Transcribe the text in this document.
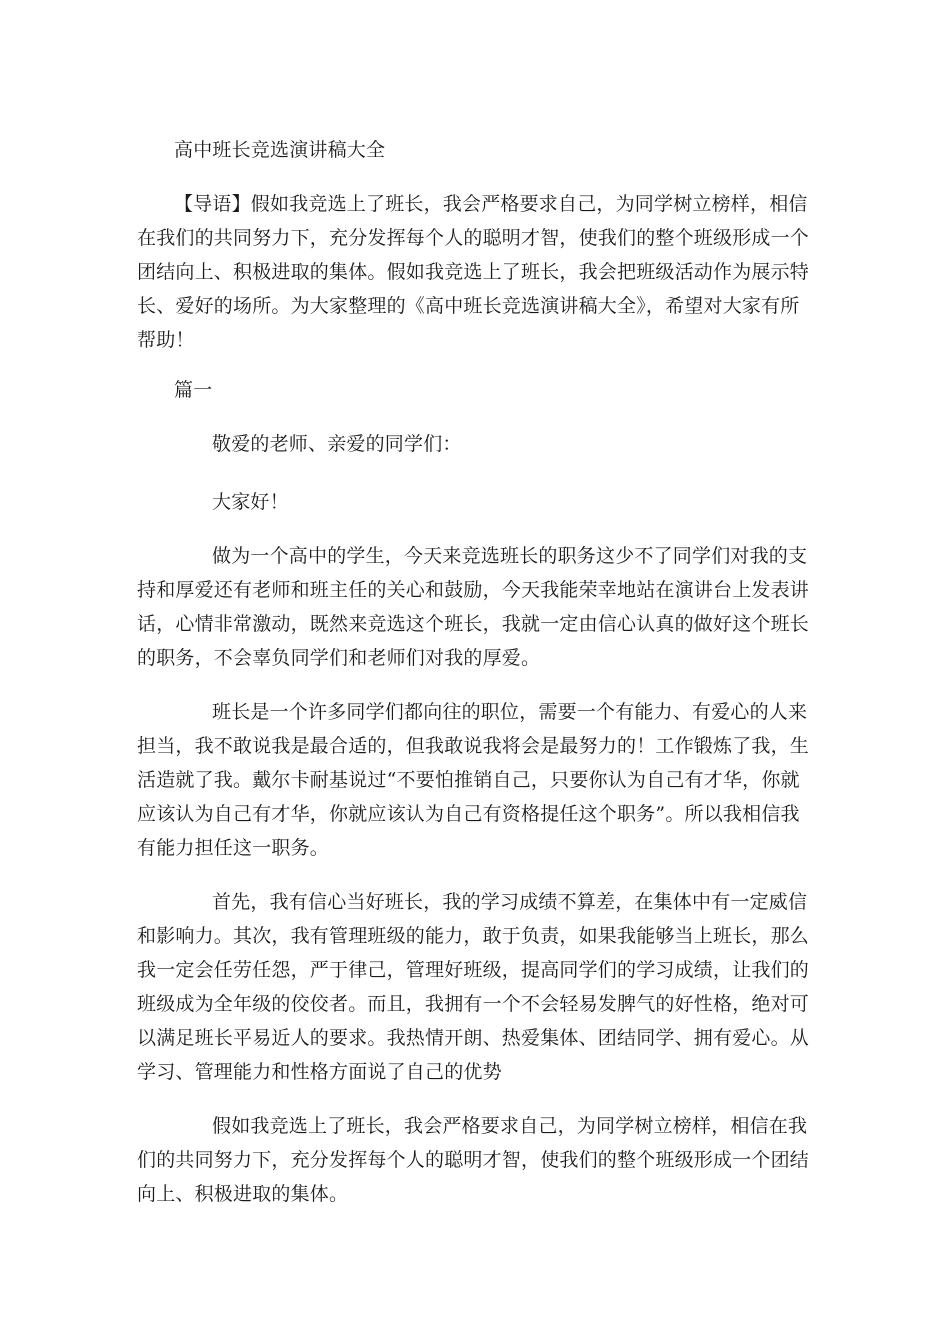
高中班长竞选演讲稿大全

【导语】假如我竞选上了班长，我会严格要求自己，为同学树立榜样，相信

在我们的共同努力下，充分发挥每个人的聪明才智，使我们的整个班级形成一个

团结向上、积极进取的集体。假如我竞选上了班长，我会把班级活动作为展示特

长、爱好的场所。为大家整理的《高中班长竞选演讲稿大全》，希望对大家有所

帮助！

篇一

敬爱的老师、亲爱的同学们：

大家好！

做为一个高中的学生，今天来竞选班长的职务这少不了同学们对我的支

持和厚爱还有老师和班主任的关心和鼓励，今天我能荣幸地站在演讲台上发表讲

话，心情非常激动，既然来竞选这个班长，我就一定由信心认真的做好这个班长

的职务，不会辜负同学们和老师们对我的厚爱。

班长是一个许多同学们都向往的职位，需要一个有能力、有爱心的人来

担当，我不敢说我是最合适的，但我敢说我将会是最努力的！工作锻炼了我，生

活造就了我。戴尔卡耐基说过“不要怕推销自己，只要你认为自己有才华，你就

应该认为自己有才华，你就应该认为自己有资格提任这个职务”。所以我相信我

有能力担任这一职务。

首先，我有信心当好班长，我的学习成绩不算差，在集体中有一定威信

和影响力。其次，我有管理班级的能力，敢于负责，如果我能够当上班长，那么

我一定会任劳任怨，严于律己，管理好班级，提高同学们的学习成绩，让我们的

班级成为全年级的佼佼者。而且，我拥有一个不会轻易发脾气的好性格，绝对可

以满足班长平易近人的要求。我热情开朗、热爱集体、团结同学、拥有爱心。从

学习、管理能力和性格方面说了自己的优势

假如我竞选上了班长，我会严格要求自己，为同学树立榜样，相信在我

们的共同努力下，充分发挥每个人的聪明才智，使我们的整个班级形成一个团结

向上、积极进取的集体。
